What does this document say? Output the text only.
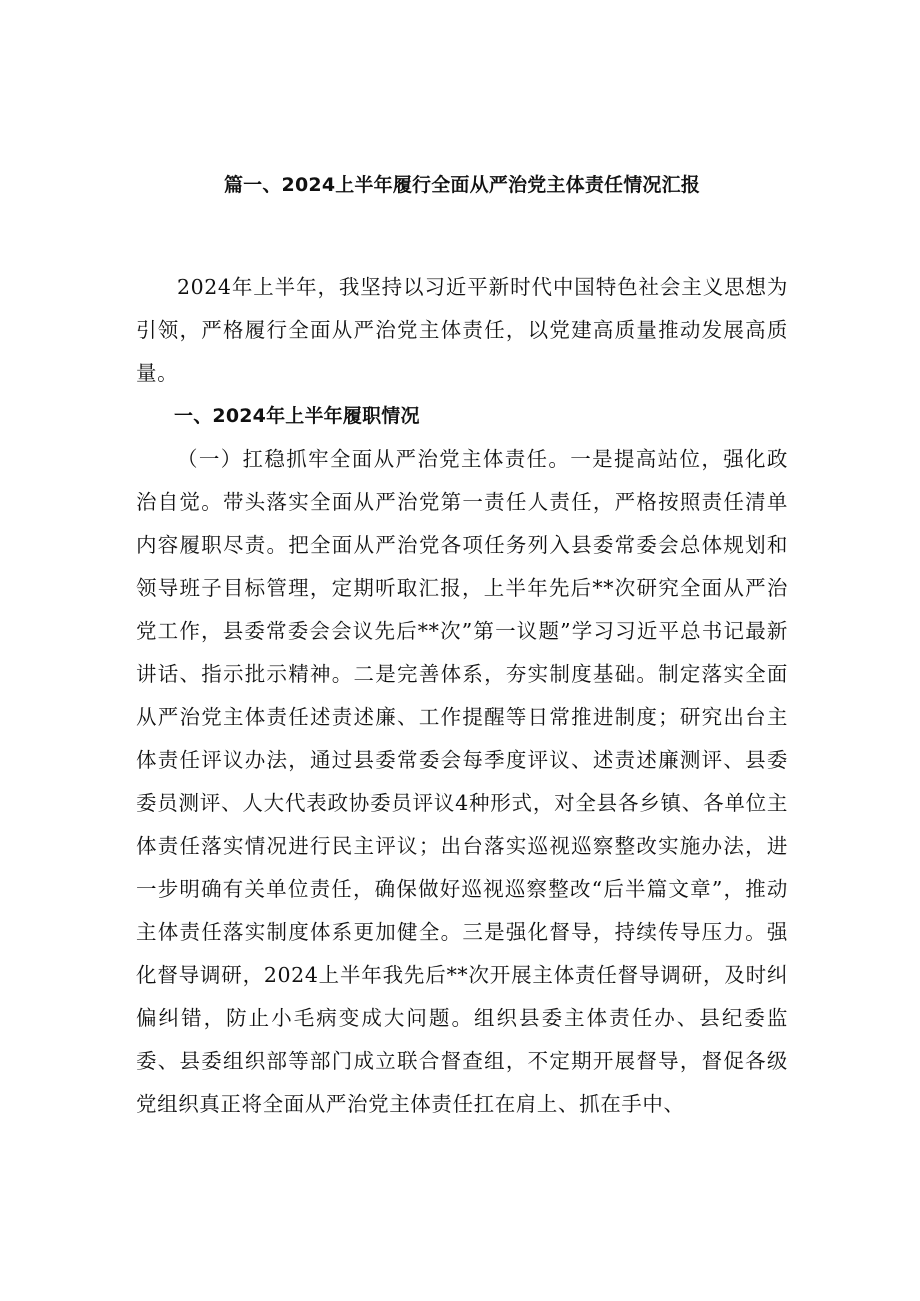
篇一、2024上半年履行全面从严治党主体责任情况汇报

2024年上半年，我坚持以习近平新时代中国特色社会主义思想为引领，严格履行全面从严治党主体责任，以党建高质量推动发展高质量。

一、2024年上半年履职情况

（一）扛稳抓牢全面从严治党主体责任。一是提高站位，强化政治自觉。带头落实全面从严治党第一责任人责任，严格按照责任清单内容履职尽责。把全面从严治党各项任务列入县委常委会总体规划和领导班子目标管理，定期听取汇报，上半年先后**次研究全面从严治党工作，县委常委会会议先后**次”第一议题”学习习近平总书记最新讲话、指示批示精神。二是完善体系，夯实制度基础。制定落实全面从严治党主体责任述责述廉、工作提醒等日常推进制度；研究出台主体责任评议办法，通过县委常委会每季度评议、述责述廉测评、县委委员测评、人大代表政协委员评议4种形式，对全县各乡镇、各单位主体责任落实情况进行民主评议；出台落实巡视巡察整改实施办法，进一步明确有关单位责任，确保做好巡视巡察整改“后半篇文章”，推动主体责任落实制度体系更加健全。三是强化督导，持续传导压力。强化督导调研，2024上半年我先后**次开展主体责任督导调研，及时纠偏纠错，防止小毛病变成大问题。组织县委主体责任办、县纪委监委、县委组织部等部门成立联合督查组，不定期开展督导，督促各级党组织真正将全面从严治党主体责任扛在肩上、抓在手中、
